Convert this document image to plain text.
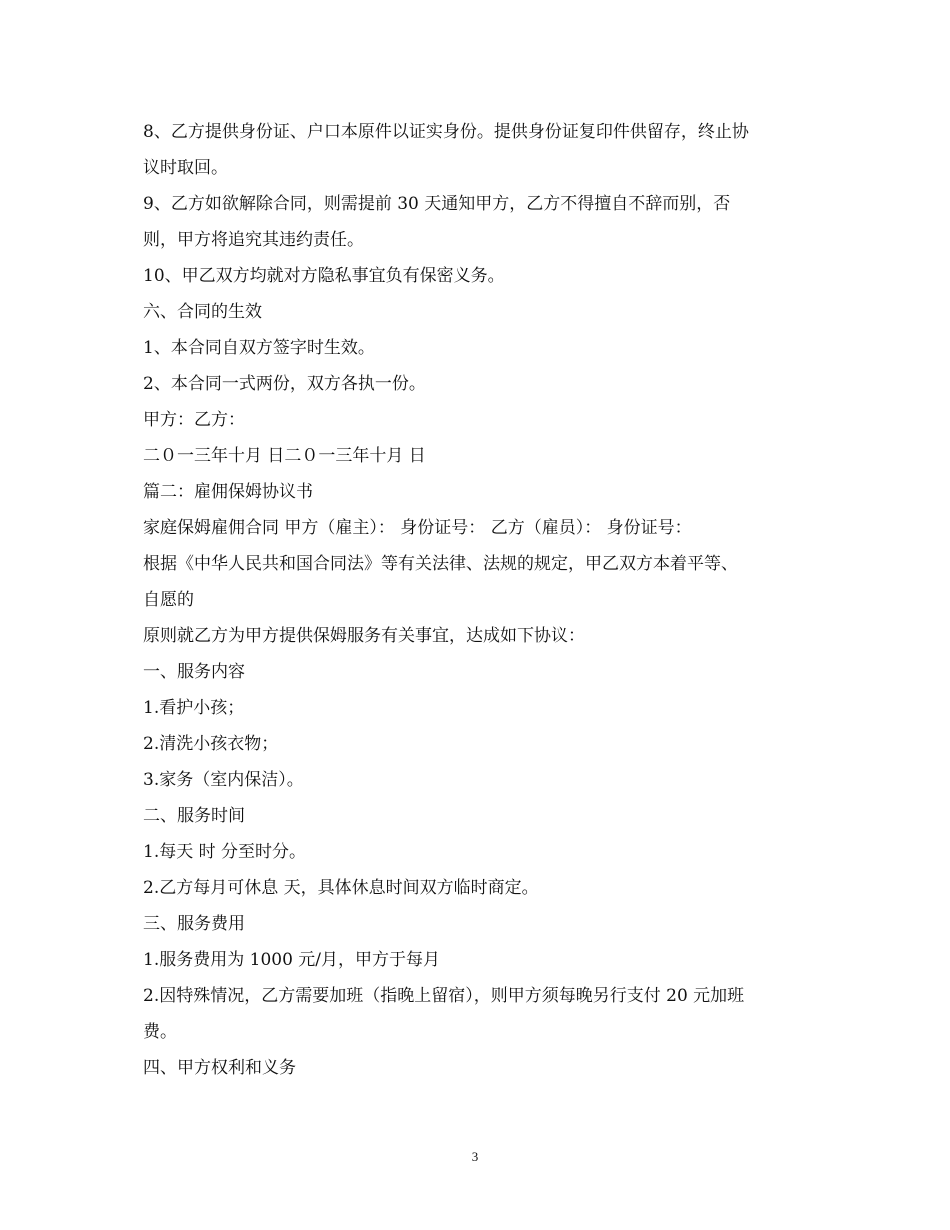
8、乙方提供身份证、户口本原件以证实身份。提供身份证复印件供留存，终止协

议时取回。

9、乙方如欲解除合同，则需提前 30 天通知甲方，乙方不得擅自不辞而别，否

则，甲方将追究其违约责任。

10、甲乙双方均就对方隐私事宜负有保密义务。

六、合同的生效

1、本合同自双方签字时生效。

2、本合同一式两份，双方各执一份。

甲方：乙方：

二０一三年十月 日二０一三年十月 日

篇二：雇佣保姆协议书

家庭保姆雇佣合同 甲方（雇主）： 身份证号： 乙方（雇员）： 身份证号：

根据《中华人民共和国合同法》等有关法律、法规的规定，甲乙双方本着平等、

自愿的

原则就乙方为甲方提供保姆服务有关事宜，达成如下协议：

一、服务内容

1.看护小孩；

2.清洗小孩衣物；

3.家务（室内保洁）。

二、服务时间

1.每天 时 分至时分。

2.乙方每月可休息 天，具体休息时间双方临时商定。

三、服务费用

1.服务费用为 1000 元/月，甲方于每月

2.因特殊情况，乙方需要加班（指晚上留宿），则甲方须每晚另行支付 20 元加班

费。

四、甲方权利和义务

3
